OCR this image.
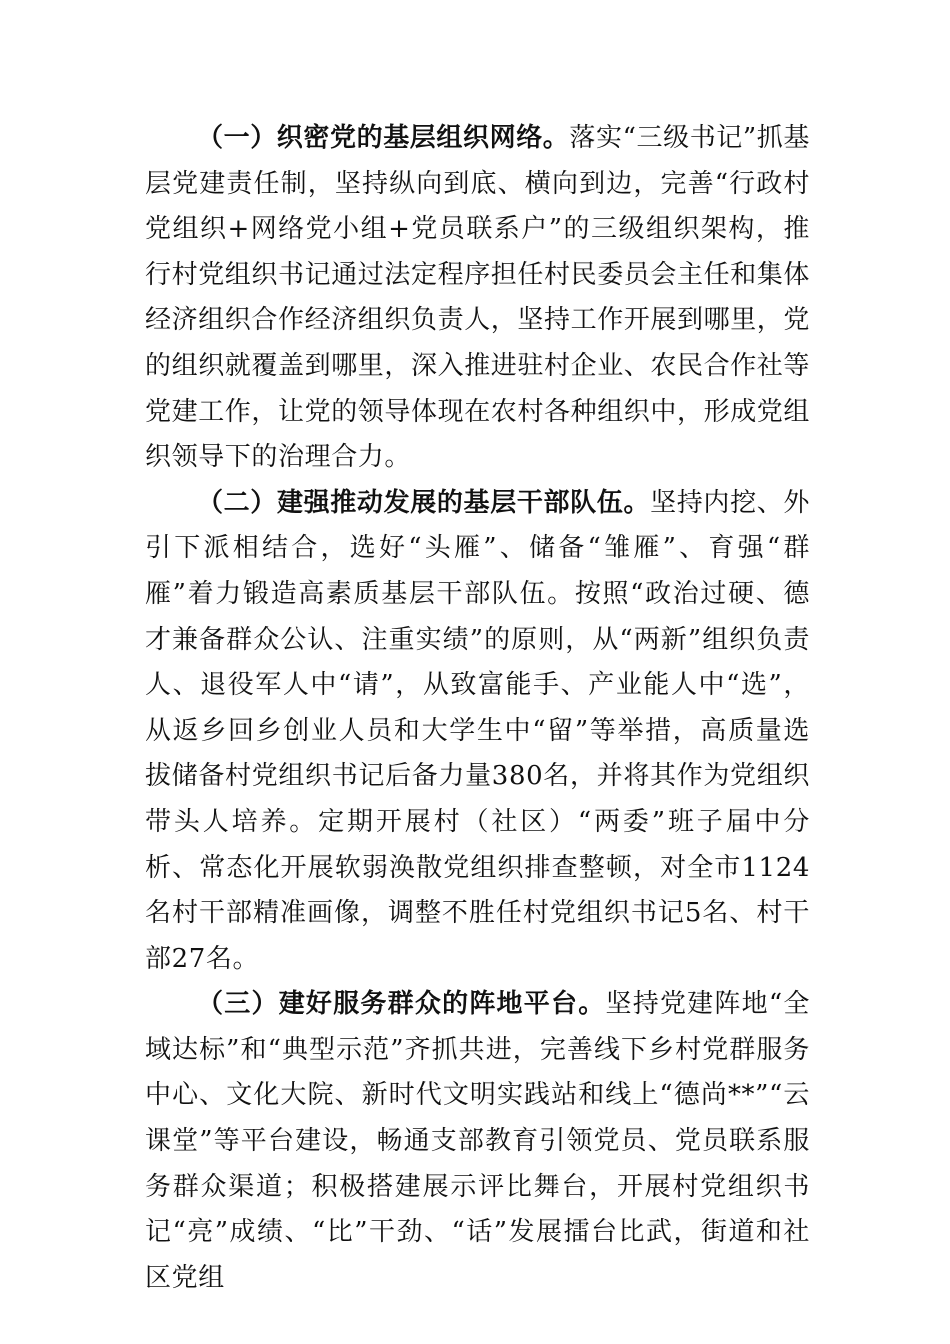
（一）织密党的基层组织网络。落实“三级书记”抓基层党建责任制，坚持纵向到底、横向到边，完善“行政村党组织+网络党小组+党员联系户”的三级组织架构，推行村党组织书记通过法定程序担任村民委员会主任和集体经济组织合作经济组织负责人，坚持工作开展到哪里，党的组织就覆盖到哪里，深入推进驻村企业、农民合作社等党建工作，让党的领导体现在农村各种组织中，形成党组织领导下的治理合力。

（二）建强推动发展的基层干部队伍。坚持内挖、外引下派相结合，选好“头雁”、储备“雏雁”、育强“群雁”着力锻造高素质基层干部队伍。按照“政治过硬、德才兼备群众公认、注重实绩”的原则，从“两新”组织负责人、退役军人中“请”，从致富能手、产业能人中“选”，从返乡回乡创业人员和大学生中“留”等举措，高质量选拔储备村党组织书记后备力量380名，并将其作为党组织带头人培养。定期开展村（社区）“两委”班子届中分析、常态化开展软弱涣散党组织排查整顿，对全市1124名村干部精准画像，调整不胜任村党组织书记5名、村干部27名。

（三）建好服务群众的阵地平台。坚持党建阵地“全域达标”和“典型示范”齐抓共进，完善线下乡村党群服务中心、文化大院、新时代文明实践站和线上“德尚**”“云课堂”等平台建设，畅通支部教育引领党员、党员联系服务群众渠道；积极搭建展示评比舞台，开展村党组织书记“亮”成绩、“比”干劲、“话”发展擂台比武，街道和社区党组
